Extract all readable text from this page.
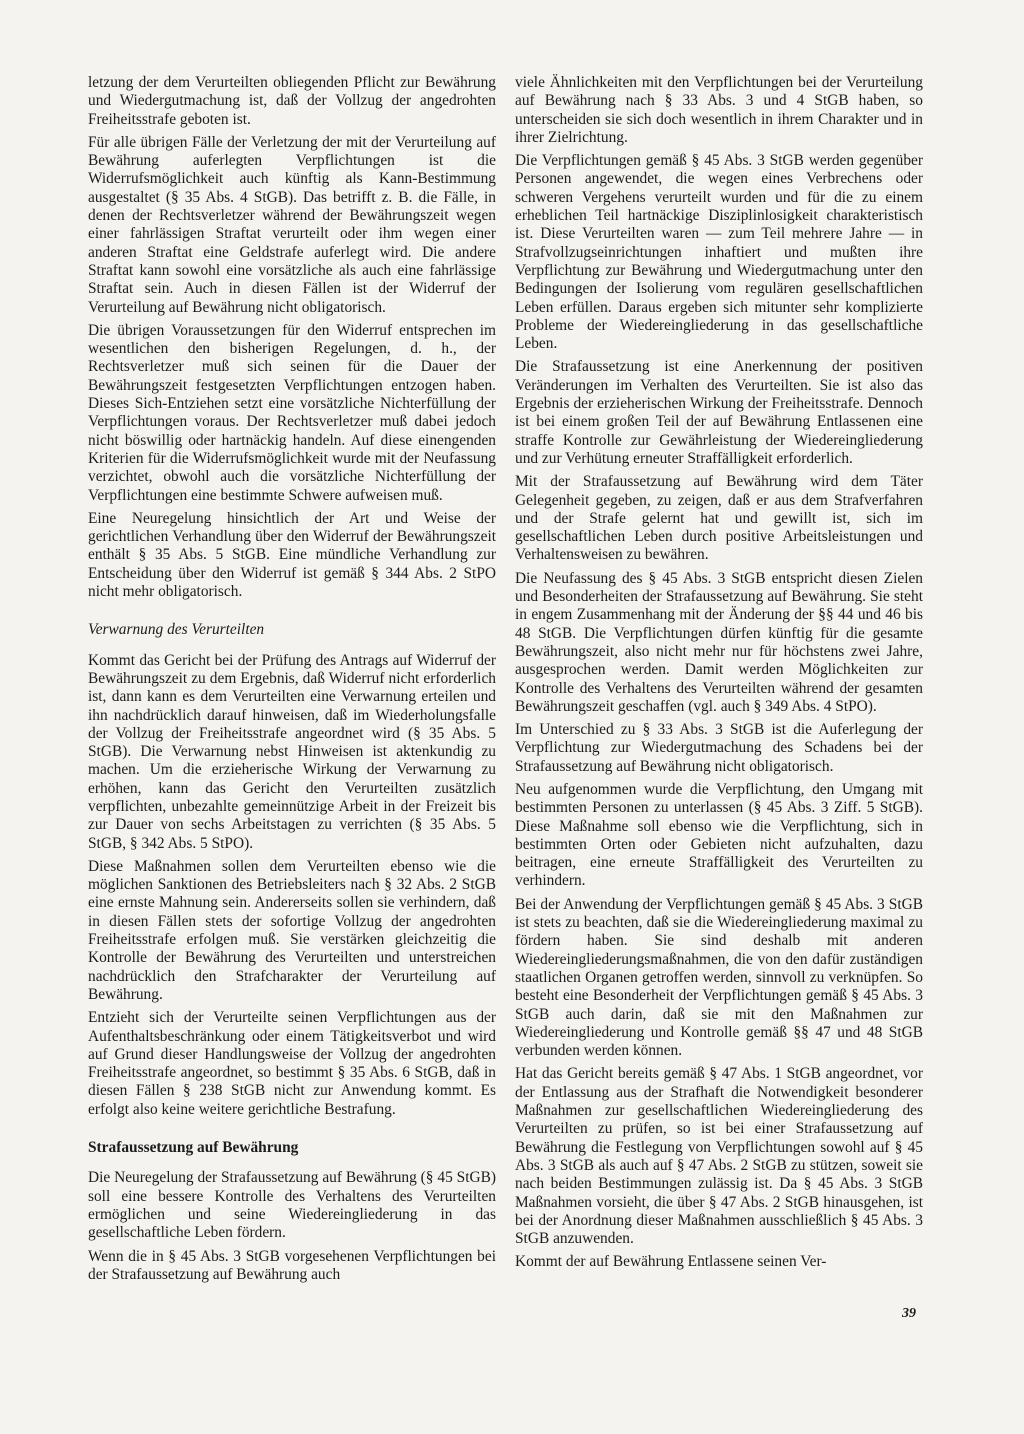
letzung der dem Verurteilten obliegenden Pflicht zur Bewährung und Wiedergutmachung ist, daß der Vollzug der angedrohten Freiheitsstrafe geboten ist.

Für alle übrigen Fälle der Verletzung der mit der Verurteilung auf Bewährung auferlegten Verpflichtungen ist die Widerrufsmöglichkeit auch künftig als Kann-Bestimmung ausgestaltet (§ 35 Abs. 4 StGB). Das betrifft z. B. die Fälle, in denen der Rechtsverletzer während der Bewährungszeit wegen einer fahrlässigen Straftat verurteilt oder ihm wegen einer anderen Straftat eine Geldstrafe auferlegt wird. Die andere Straftat kann sowohl eine vorsätzliche als auch eine fahrlässige Straftat sein. Auch in diesen Fällen ist der Widerruf der Verurteilung auf Bewährung nicht obligatorisch.

Die übrigen Voraussetzungen für den Widerruf entsprechen im wesentlichen den bisherigen Regelungen, d. h., der Rechtsverletzer muß sich seinen für die Dauer der Bewährungszeit festgesetzten Verpflichtungen entzogen haben. Dieses Sich-Entziehen setzt eine vorsätzliche Nichterfüllung der Verpflichtungen voraus. Der Rechtsverletzer muß dabei jedoch nicht böswillig oder hartnäckig handeln. Auf diese einengenden Kriterien für die Widerrufsmöglichkeit wurde mit der Neufassung verzichtet, obwohl auch die vorsätzliche Nichterfüllung der Verpflichtungen eine bestimmte Schwere aufweisen muß.

Eine Neuregelung hinsichtlich der Art und Weise der gerichtlichen Verhandlung über den Widerruf der Bewährungszeit enthält § 35 Abs. 5 StGB. Eine mündliche Verhandlung zur Entscheidung über den Widerruf ist gemäß § 344 Abs. 2 StPO nicht mehr obligatorisch.

Verwarnung des Verurteilten

Kommt das Gericht bei der Prüfung des Antrags auf Widerruf der Bewährungszeit zu dem Ergebnis, daß Widerruf nicht erforderlich ist, dann kann es dem Verurteilten eine Verwarnung erteilen und ihn nachdrücklich darauf hinweisen, daß im Wiederholungsfalle der Vollzug der Freiheitsstrafe angeordnet wird (§ 35 Abs. 5 StGB). Die Verwarnung nebst Hinweisen ist aktenkundig zu machen. Um die erzieherische Wirkung der Verwarnung zu erhöhen, kann das Gericht den Verurteilten zusätzlich verpflichten, unbezahlte gemeinnützige Arbeit in der Freizeit bis zur Dauer von sechs Arbeitstagen zu verrichten (§ 35 Abs. 5 StGB, § 342 Abs. 5 StPO).

Diese Maßnahmen sollen dem Verurteilten ebenso wie die möglichen Sanktionen des Betriebsleiters nach § 32 Abs. 2 StGB eine ernste Mahnung sein. Andererseits sollen sie verhindern, daß in diesen Fällen stets der sofortige Vollzug der angedrohten Freiheitsstrafe erfolgen muß. Sie verstärken gleichzeitig die Kontrolle der Bewährung des Verurteilten und unterstreichen nachdrücklich den Strafcharakter der Verurteilung auf Bewährung.

Entzieht sich der Verurteilte seinen Verpflichtungen aus der Aufenthaltsbeschränkung oder einem Tätigkeitsverbot und wird auf Grund dieser Handlungsweise der Vollzug der angedrohten Freiheitsstrafe angeordnet, so bestimmt § 35 Abs. 6 StGB, daß in diesen Fällen § 238 StGB nicht zur Anwendung kommt. Es erfolgt also keine weitere gerichtliche Bestrafung.

Strafaussetzung auf Bewährung

Die Neuregelung der Strafaussetzung auf Bewährung (§ 45 StGB) soll eine bessere Kontrolle des Verhaltens des Verurteilten ermöglichen und seine Wiedereingliederung in das gesellschaftliche Leben fördern.

Wenn die in § 45 Abs. 3 StGB vorgesehenen Verpflichtungen bei der Strafaussetzung auf Bewährung auch

viele Ähnlichkeiten mit den Verpflichtungen bei der Verurteilung auf Bewährung nach § 33 Abs. 3 und 4 StGB haben, so unterscheiden sie sich doch wesentlich in ihrem Charakter und in ihrer Zielrichtung.

Die Verpflichtungen gemäß § 45 Abs. 3 StGB werden gegenüber Personen angewendet, die wegen eines Verbrechens oder schweren Vergehens verurteilt wurden und für die zu einem erheblichen Teil hartnäckige Disziplinlosigkeit charakteristisch ist. Diese Verurteilten waren — zum Teil mehrere Jahre — in Strafvollzugseinrichtungen inhaftiert und mußten ihre Verpflichtung zur Bewährung und Wiedergutmachung unter den Bedingungen der Isolierung vom regulären gesellschaftlichen Leben erfüllen. Daraus ergeben sich mitunter sehr komplizierte Probleme der Wiedereingliederung in das gesellschaftliche Leben.

Die Strafaussetzung ist eine Anerkennung der positiven Veränderungen im Verhalten des Verurteilten. Sie ist also das Ergebnis der erzieherischen Wirkung der Freiheitsstrafe. Dennoch ist bei einem großen Teil der auf Bewährung Entlassenen eine straffe Kontrolle zur Gewährleistung der Wiedereingliederung und zur Verhütung erneuter Straffälligkeit erforderlich.

Mit der Strafaussetzung auf Bewährung wird dem Täter Gelegenheit gegeben, zu zeigen, daß er aus dem Strafverfahren und der Strafe gelernt hat und gewillt ist, sich im gesellschaftlichen Leben durch positive Arbeitsleistungen und Verhaltensweisen zu bewähren.

Die Neufassung des § 45 Abs. 3 StGB entspricht diesen Zielen und Besonderheiten der Strafaussetzung auf Bewährung. Sie steht in engem Zusammenhang mit der Änderung der §§ 44 und 46 bis 48 StGB. Die Verpflichtungen dürfen künftig für die gesamte Bewährungszeit, also nicht mehr nur für höchstens zwei Jahre, ausgesprochen werden. Damit werden Möglichkeiten zur Kontrolle des Verhaltens des Verurteilten während der gesamten Bewährungszeit geschaffen (vgl. auch § 349 Abs. 4 StPO).

Im Unterschied zu § 33 Abs. 3 StGB ist die Auferlegung der Verpflichtung zur Wiedergutmachung des Schadens bei der Strafaussetzung auf Bewährung nicht obligatorisch.

Neu aufgenommen wurde die Verpflichtung, den Umgang mit bestimmten Personen zu unterlassen (§ 45 Abs. 3 Ziff. 5 StGB). Diese Maßnahme soll ebenso wie die Verpflichtung, sich in bestimmten Orten oder Gebieten nicht aufzuhalten, dazu beitragen, eine erneute Straffälligkeit des Verurteilten zu verhindern.

Bei der Anwendung der Verpflichtungen gemäß § 45 Abs. 3 StGB ist stets zu beachten, daß sie die Wiedereingliederung maximal zu fördern haben. Sie sind deshalb mit anderen Wiedereingliederungsmaßnahmen, die von den dafür zuständigen staatlichen Organen getroffen werden, sinnvoll zu verknüpfen. So besteht eine Besonderheit der Verpflichtungen gemäß § 45 Abs. 3 StGB auch darin, daß sie mit den Maßnahmen zur Wiedereingliederung und Kontrolle gemäß §§ 47 und 48 StGB verbunden werden können.

Hat das Gericht bereits gemäß § 47 Abs. 1 StGB angeordnet, vor der Entlassung aus der Strafhaft die Notwendigkeit besonderer Maßnahmen zur gesellschaftlichen Wiedereingliederung des Verurteilten zu prüfen, so ist bei einer Strafaussetzung auf Bewährung die Festlegung von Verpflichtungen sowohl auf § 45 Abs. 3 StGB als auch auf § 47 Abs. 2 StGB zu stützen, soweit sie nach beiden Bestimmungen zulässig ist. Da § 45 Abs. 3 StGB Maßnahmen vorsieht, die über § 47 Abs. 2 StGB hinausgehen, ist bei der Anordnung dieser Maßnahmen ausschließlich § 45 Abs. 3 StGB anzuwenden.

Kommt der auf Bewährung Entlassene seinen Ver-

39
